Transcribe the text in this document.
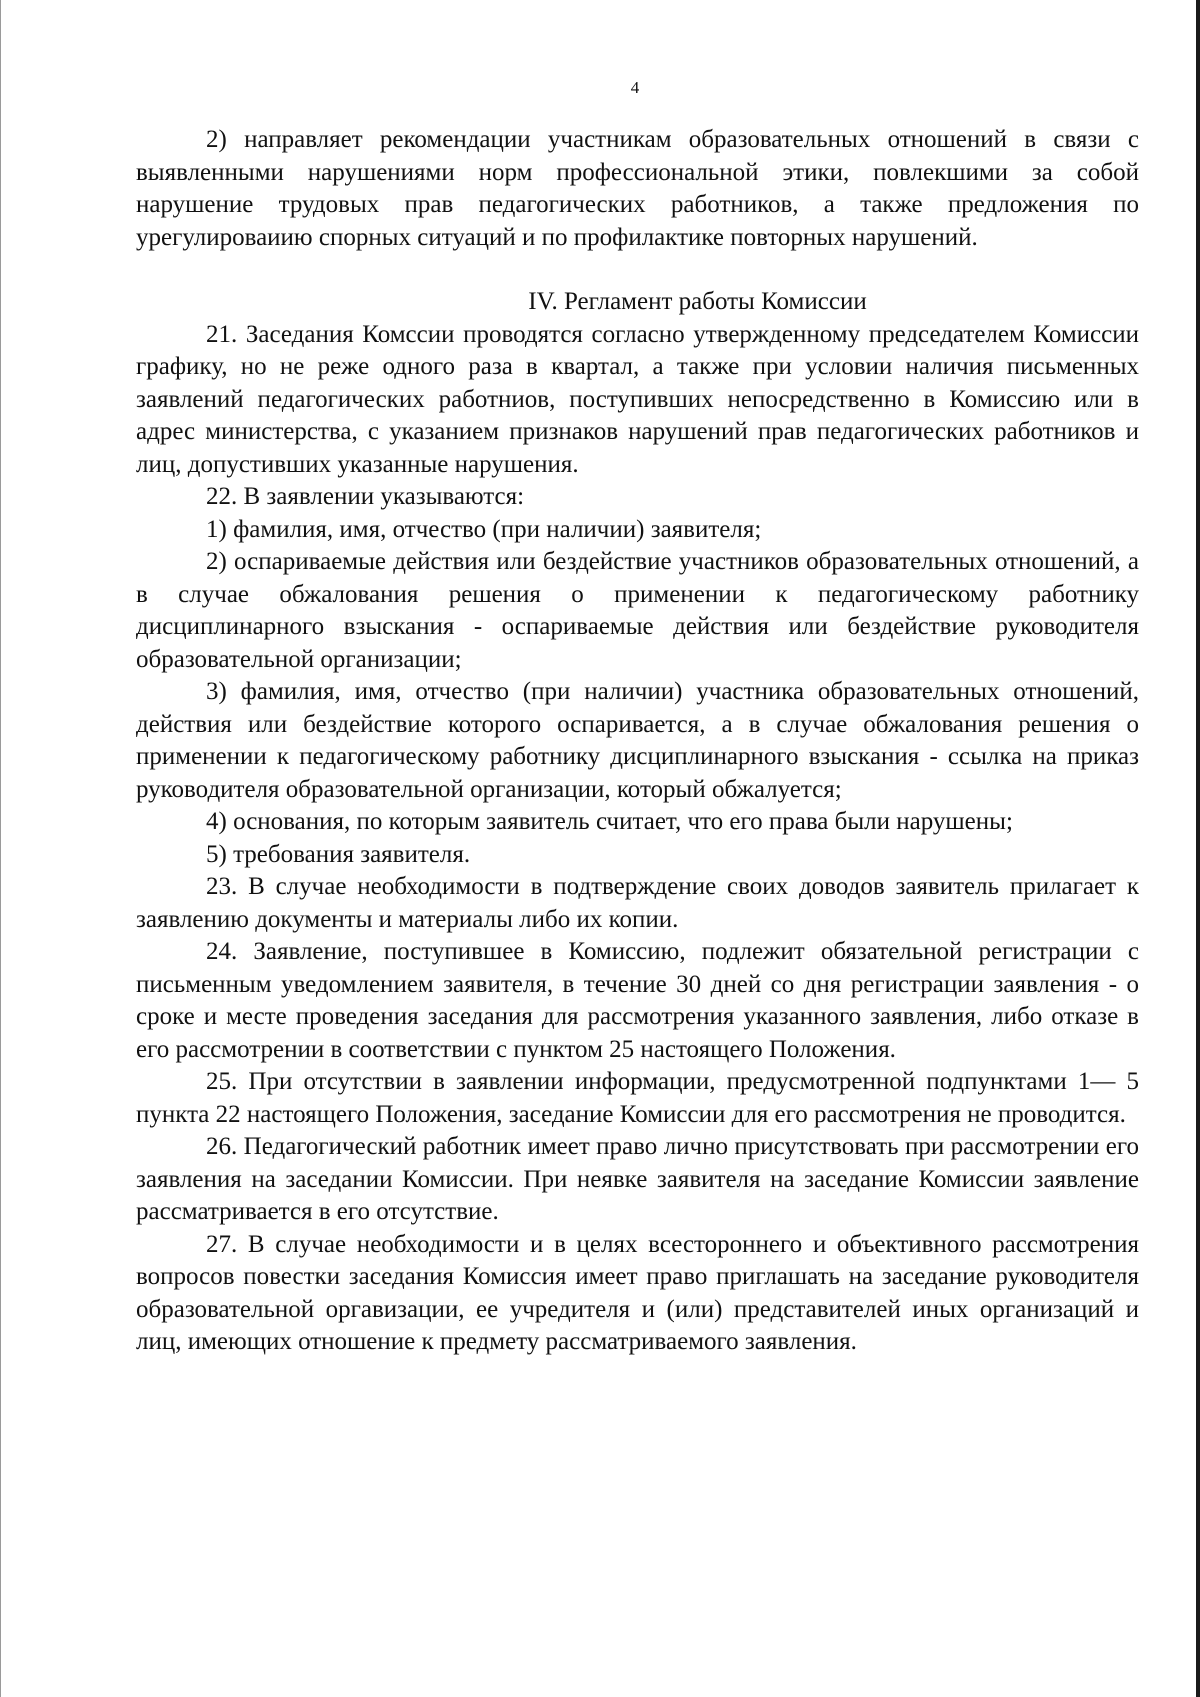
4

2) направляет рекомендации участникам образовательных отношений в связи с выявленными нарушениями норм профессиональной этики, повлекшими за собой нарушение трудовых прав педагогических работников, а также предложения по урегулироваиию спорных ситуаций и по профилактике повторных нарушений.

IV. Регламент работы Комиссии

21. Заседания Комссии проводятся согласно утвержденному председателем Комиссии графику, но не реже одного раза в квартал, а также при условии наличия письменных заявлений педагогических работниов, поступивших непосредственно в Комиссию или в адрес министерства, с указанием признаков нарушений прав педагогических работников и лиц, допустивших указанные нарушения.

22. В заявлении указываются:

1) фамилия, имя, отчество (при наличии) заявителя;

2) оспариваемые действия или бездействие участников образовательных отношений, а в случае обжалования решения о применении к педагогическому работнику дисциплинарного взыскания - оспариваемые действия или бездействие руководителя образовательной организации;

3) фамилия, имя, отчество (при наличии) участника образовательных отношений, действия или бездействие которого оспаривается, а в случае обжалования решения о применении к педагогическому работнику дисциплинарного взыскания - ссылка на приказ руководителя образовательной организации, который обжалуется;

4) основания, по которым заявитель считает, что его права были нарушены;

5) требования заявителя.

23. В случае необходимости в подтверждение своих доводов заявитель прилагает к заявлению документы и материалы либо их копии.

24. Заявление, поступившее в Комиссию, подлежит обязательной регистрации с письменным уведомлением заявителя, в течение 30 дней со дня регистрации заявления - о сроке и месте проведения заседания для рассмотрения указанного заявления, либо отказе в его рассмотрении в соответствии с пунктом 25 настоящего Положения.

25. При отсутствии в заявлении информации, предусмотренной подпунктами 1— 5 пункта 22 настоящего Положения, заседание Комиссии для его рассмотрения не проводится.

26. Педагогический работник имеет право лично присутствовать при рассмотрении его заявления на заседании Комиссии. При неявке заявителя на заседание Комиссии заявление рассматривается в его отсутствие.

27. В случае необходимости и в целях всестороннего и объективного рассмотрения вопросов повестки заседания Комиссия имеет право приглашать на заседание руководителя образовательной оргавизации, ее учредителя и (или) представителей иных организаций и лиц, имеющих отношение к предмету рассматриваемого заявления.
